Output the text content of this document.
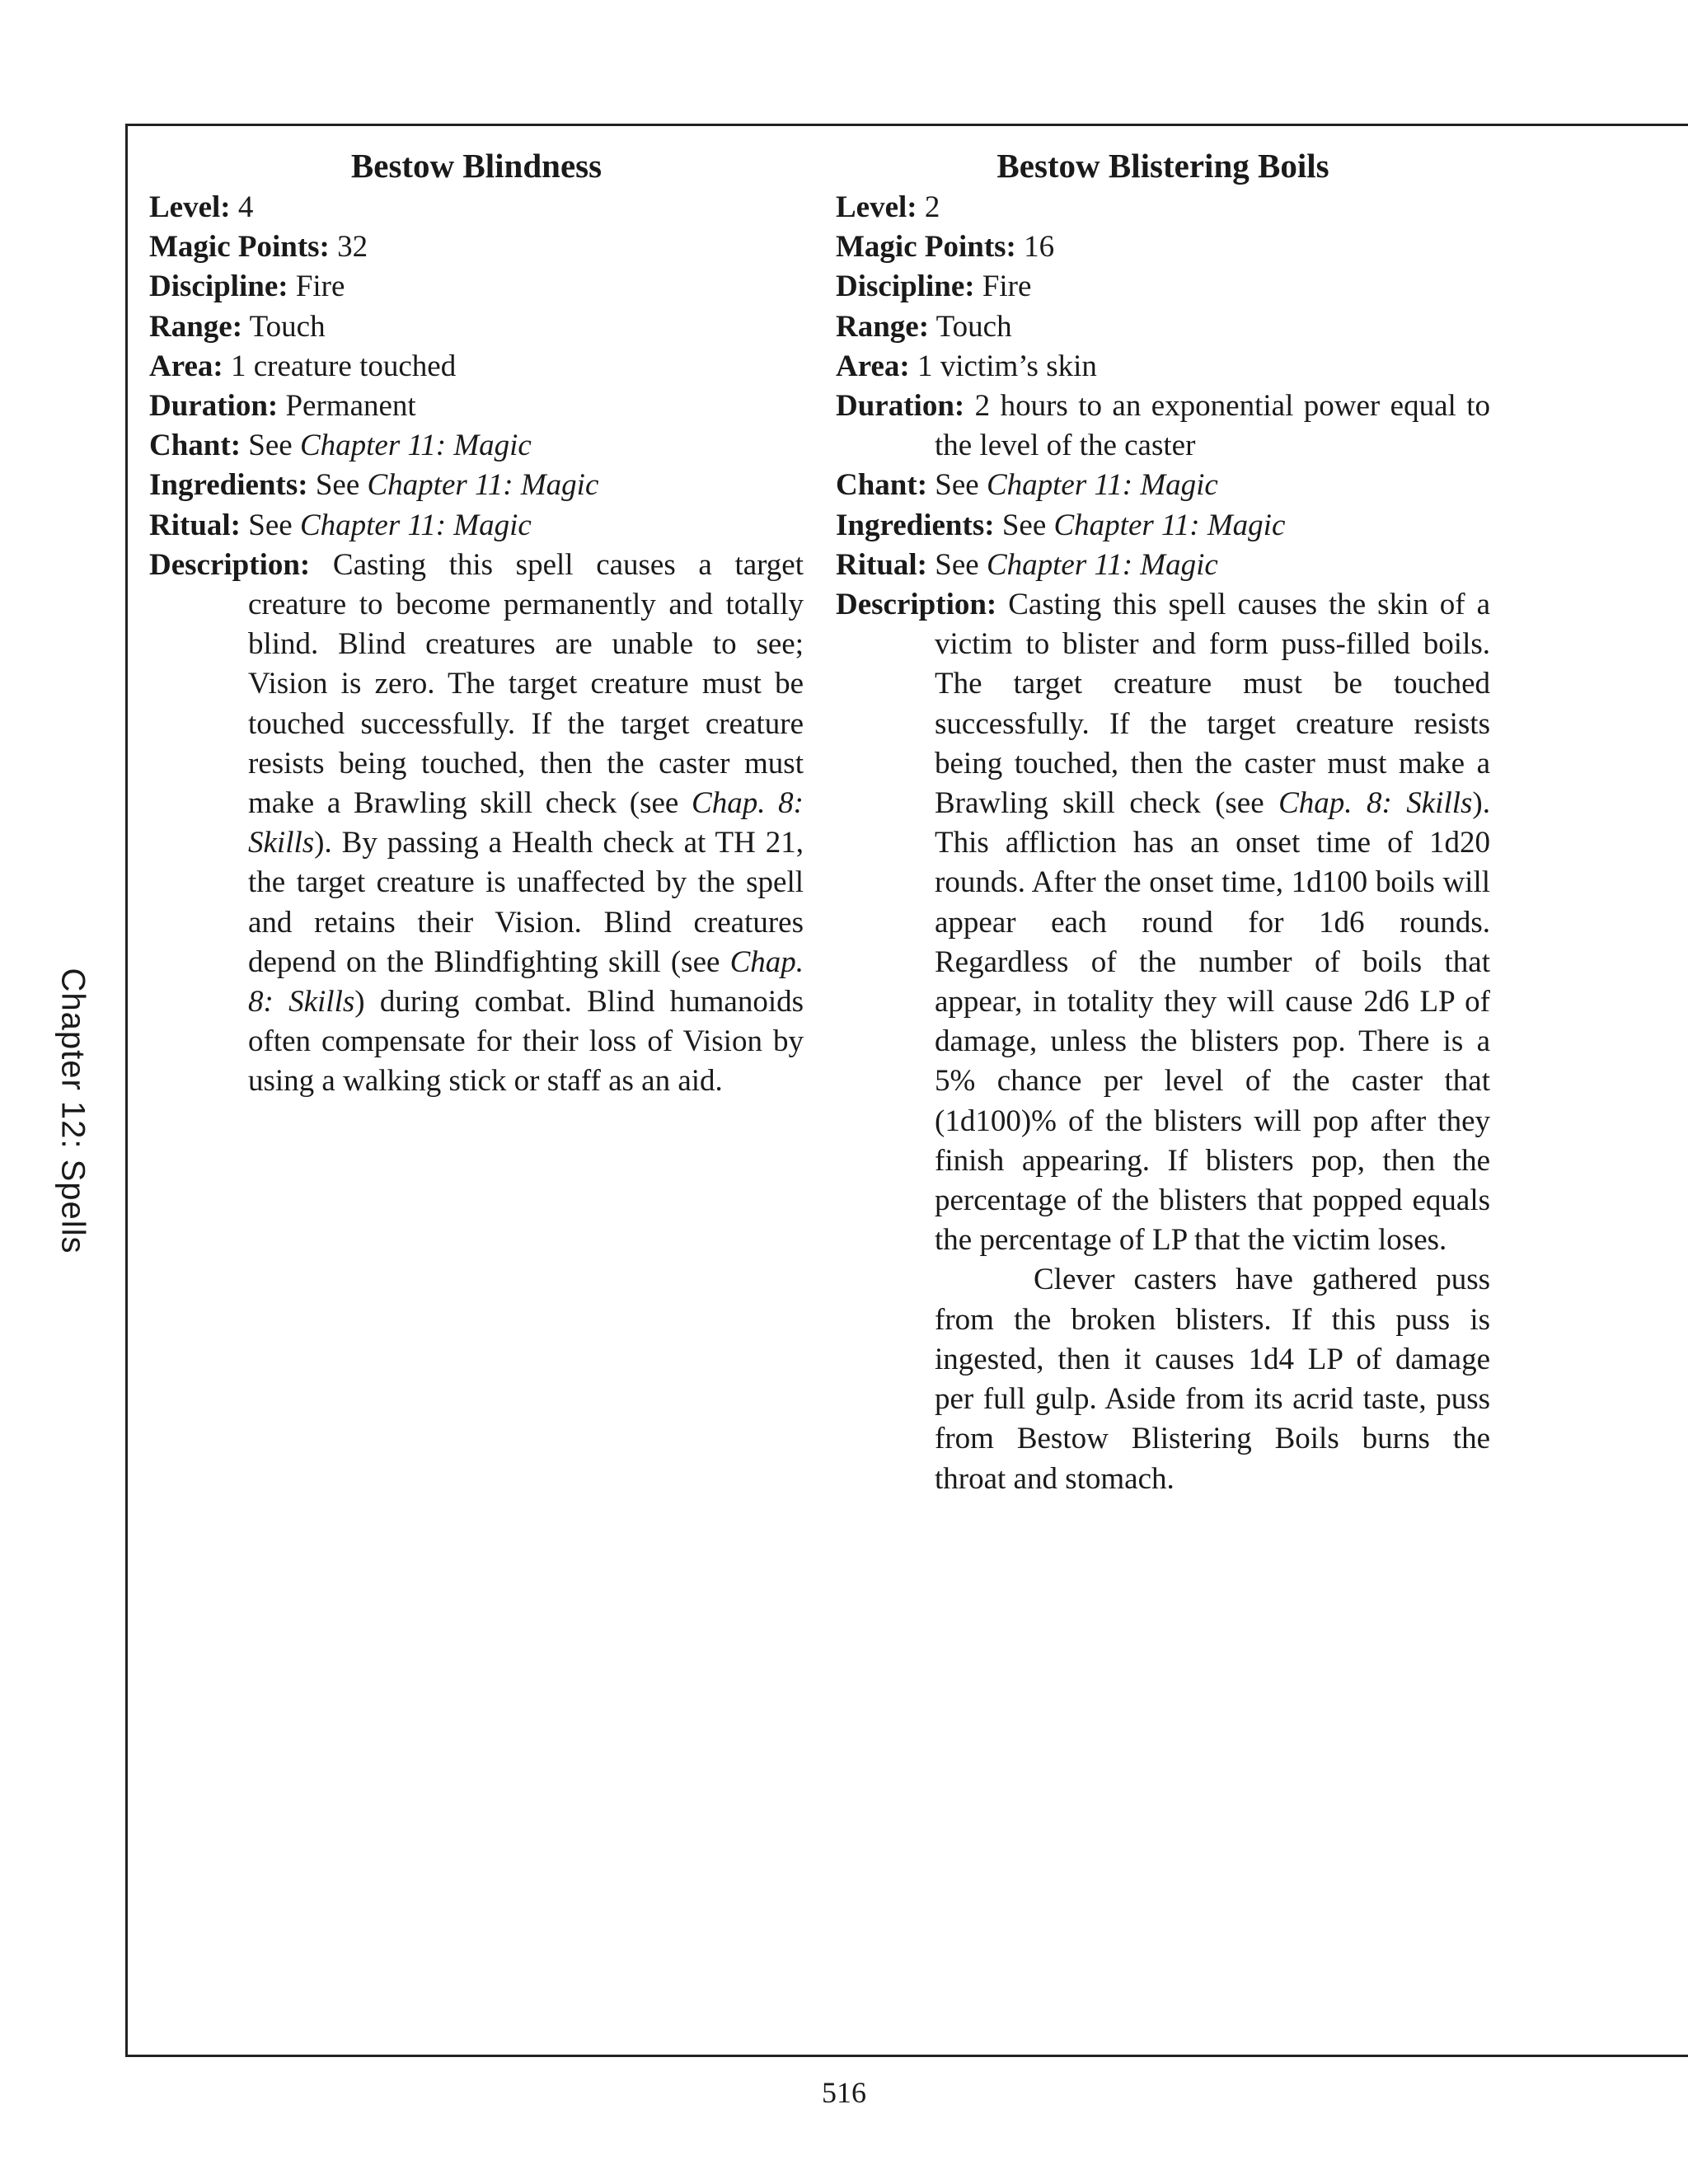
Chapter 12: Spells
Bestow Blindness
Level: 4
Magic Points: 32
Discipline: Fire
Range: Touch
Area: 1 creature touched
Duration: Permanent
Chant: See Chapter 11: Magic
Ingredients: See Chapter 11: Magic
Ritual: See Chapter 11: Magic
Description: Casting this spell causes a target creature to become permanently and totally blind. Blind creatures are unable to see; Vision is zero. The target creature must be touched successfully. If the target creature resists being touched, then the caster must make a Brawling skill check (see Chap. 8: Skills). By passing a Health check at TH 21, the target creature is unaffected by the spell and retains their Vision. Blind creatures depend on the Blindfighting skill (see Chap. 8: Skills) during combat. Blind humanoids often compensate for their loss of Vision by using a walking stick or staff as an aid.
Bestow Blistering Boils
Level: 2
Magic Points: 16
Discipline: Fire
Range: Touch
Area: 1 victim’s skin
Duration: 2 hours to an exponential power equal to the level of the caster
Chant: See Chapter 11: Magic
Ingredients: See Chapter 11: Magic
Ritual: See Chapter 11: Magic
Description: Casting this spell causes the skin of a victim to blister and form puss-filled boils. The target creature must be touched successfully. If the target creature resists being touched, then the caster must make a Brawling skill check (see Chap. 8: Skills). This affliction has an onset time of 1d20 rounds. After the onset time, 1d100 boils will appear each round for 1d6 rounds. Regardless of the number of boils that appear, in totality they will cause 2d6 LP of damage, unless the blisters pop. There is a 5% chance per level of the caster that (1d100)% of the blisters will pop after they finish appearing. If blisters pop, then the percentage of the blisters that popped equals the percentage of LP that the victim loses.
Clever casters have gathered puss from the broken blisters. If this puss is ingested, then it causes 1d4 LP of damage per full gulp. Aside from its acrid taste, puss from Bestow Blistering Boils burns the throat and stomach.
516
